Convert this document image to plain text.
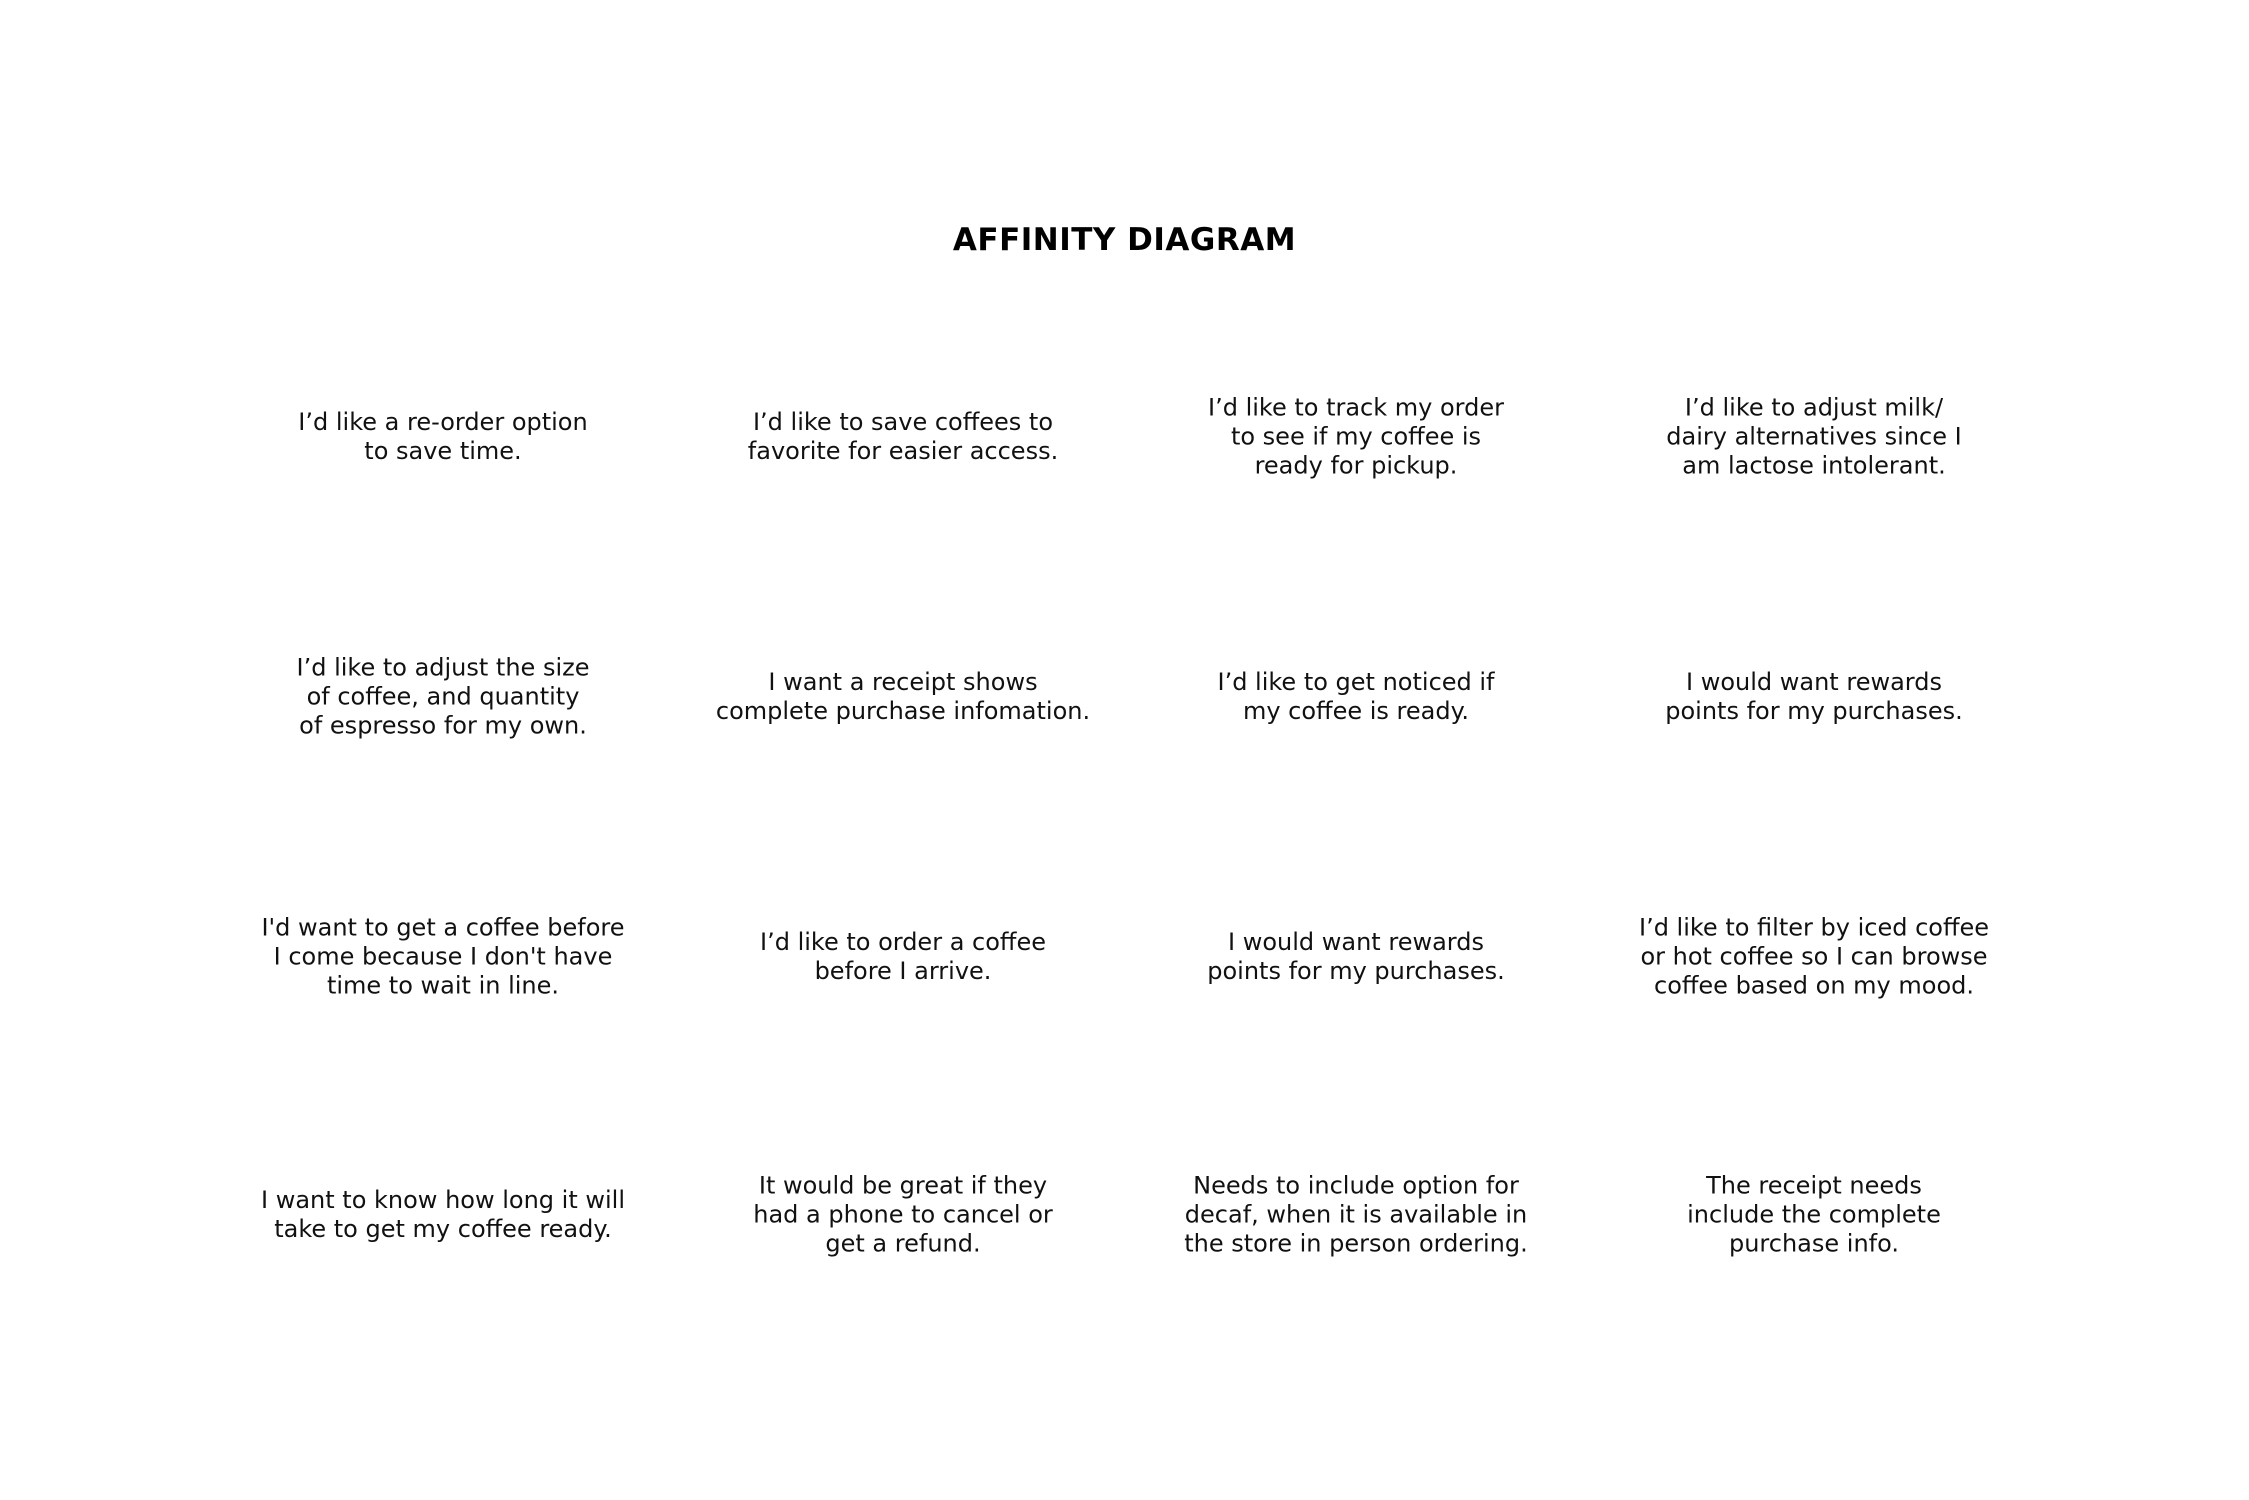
AFFINITY DIAGRAM
I’d like a re-order option
to save time.
I’d like to save coffees to
favorite for easier access.
I’d like to track my order
to see if my coffee is
ready for pickup.
I’d like to adjust milk/
dairy alternatives since I
am lactose intolerant.
I’d like to adjust the size
of coffee, and quantity
of espresso for my own.
I want a receipt shows
complete purchase infomation.
I’d like to get noticed if
my coffee is ready.
I would want rewards
points for my purchases.
I'd want to get a coffee before
I come because I don't have
time to wait in line.
I’d like to order a coffee
before I arrive.
I would want rewards
points for my purchases.
I’d like to filter by iced coffee
or hot coffee so I can browse
coffee based on my mood.
I want to know how long it will
take to get my coffee ready.
It would be great if they
had a phone to cancel or
get a refund.
Needs to include option for
decaf, when it is available in
the store in person ordering.
The receipt needs
include the complete
purchase info.
